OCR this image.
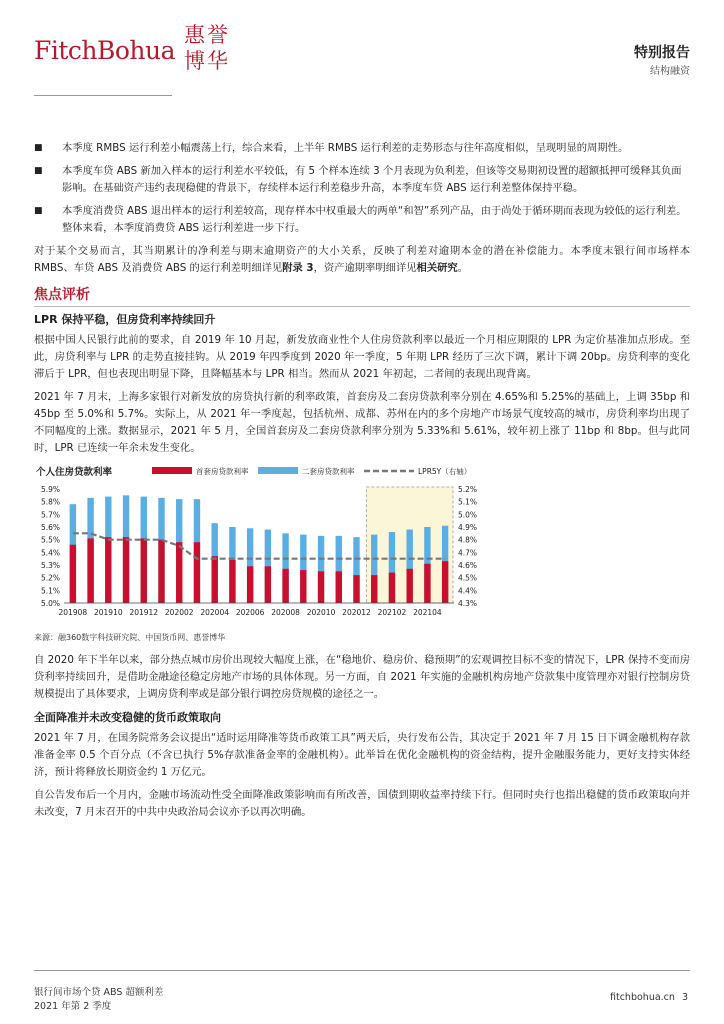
FitchBohua
惠誉博华	特别报告
结构融资
■ 本季度 RMBS 运行利差小幅震荡上行，综合来看，上半年 RMBS 运行利差的走势形态与往年高度相似，呈现明显的周期性。
■ 本季度车贷 ABS 新加入样本的运行利差水平较低，有 5 个样本连续 3 个月表现为负利差，但该等交易期初设置的超额抵押可缓释其负面影响。在基础资产违约表现稳健的背景下，存续样本运行利差稳步升高，本季度车贷 ABS 运行利差整体保持平稳。
■ 本季度消费贷 ABS 退出样本的运行利差较高，现存样本中权重最大的两单“和智”系列产品，由于尚处于循环期而表现为较低的运行利差。整体来看，本季度消费贷 ABS 运行利差进一步下行。

对于某个交易而言，其当期累计的净利差与期末逾期资产的大小关系，反映了利差对逾期本金的潜在补偿能力。本季度末银行间市场样本 RMBS、车贷 ABS 及消费贷 ABS 的运行利差明细详见附录 3，资产逾期率明细详见相关研究。

焦点评析
LPR 保持平稳，但房贷利率持续回升

根据中国人民银行此前的要求，自 2019 年 10 月起，新发放商业性个人住房贷款利率以最近一个月相应期限的 LPR 为定价基准加点形成。至此，房贷利率与 LPR 的走势直接挂钩。从 2019 年四季度到 2020 年一季度，5 年期 LPR 经历了三次下调，累计下调 20bp。房贷利率的变化滞后于 LPR，但也表现出明显下降，且降幅基本与 LPR 相当。然而从 2021 年初起，二者间的表现出现背离。

2021 年 7 月末，上海多家银行对新发放的房贷执行新的利率政策，首套房及二套房贷款利率分别在 4.65%和 5.25%的基础上，上调 35bp 和 45bp 至 5.0%和 5.7%。实际上，从 2021 年一季度起，包括杭州、成都、苏州在内的多个房地产市场景气度较高的城市，房贷利率均出现了不同幅度的上涨。数据显示，2021 年 5 月，全国首套房及二套房贷款利率分别为 5.33%和 5.61%，较年初上涨了 11bp 和 8bp。但与此同时，LPR 已连续一年余未发生变化。

个人住房贷款利率	首套房贷款利率	二套房贷款利率	LPR5Y（右轴）
5.9%
5.8%
5.7%
5.6%
5.5%
5.4%
5.3%
5.2%
5.1%
5.0%
5.2%
5.1%
5.0%
4.9%
4.8%
4.7%
4.6%
4.5%
4.4%
4.3%
201908 201910 201912 202002 202004 202006 202008 202010 202012 202102 202104
来源：融360数字科技研究院、中国货币网、惠誉博华

自 2020 年下半年以来，部分热点城市房价出现较大幅度上涨，在“稳地价、稳房价、稳预期”的宏观调控目标不变的情况下，LPR 保持不变而房贷利率持续回升，是借助金融途径稳定房地产市场的具体体现。另一方面，自 2021 年实施的金融机构房地产贷款集中度管理亦对银行控制房贷规模提出了具体要求，上调房贷利率或是部分银行调控房贷规模的途径之一。

全面降准并未改变稳健的货币政策取向

2021 年 7 月，在国务院常务会议提出“适时运用降准等货币政策工具”两天后，央行发布公告，其决定于 2021 年 7 月 15 日下调金融机构存款准备金率 0.5 个百分点（不含已执行 5%存款准备金率的金融机构）。此举旨在优化金融机构的资金结构，提升金融服务能力，更好支持实体经济，预计将释放长期资金约 1 万亿元。

自公告发布后一个月内，金融市场流动性受全面降准政策影响而有所改善，国债到期收益率持续下行。但同时央行也指出稳健的货币政策取向并未改变，7 月末召开的中共中央政治局会议亦予以再次明确。

银行间市场个贷 ABS 超额利差
2021 年第 2 季度
fitchbohua.cn 3
